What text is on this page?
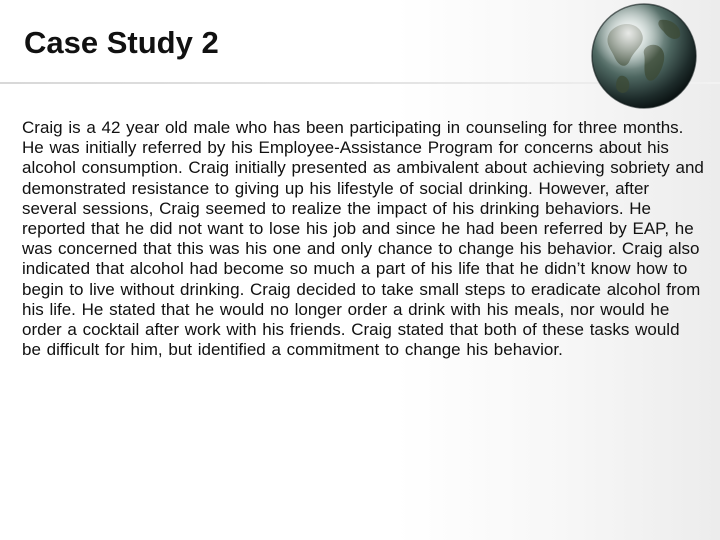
Case Study 2
Craig is a 42 year old male who has been participating in counseling for three months. He was initially referred by his Employee-Assistance Program for concerns about his alcohol consumption. Craig initially presented as ambivalent about achieving sobriety and demonstrated resistance to giving up his lifestyle of social drinking. However, after several sessions, Craig seemed to realize the impact of his drinking behaviors. He reported that he did not want to lose his job and since he had been referred by EAP, he was concerned that this was his one and only chance to change his behavior. Craig also indicated that alcohol had become so much a part of his life that he didn’t know how to begin to live without drinking. Craig decided to take small steps to eradicate alcohol from his life. He stated that he would no longer order a drink with his meals, nor would he order a cocktail after work with his friends. Craig stated that both of these tasks would be difficult for him, but identified a commitment to change his behavior.
